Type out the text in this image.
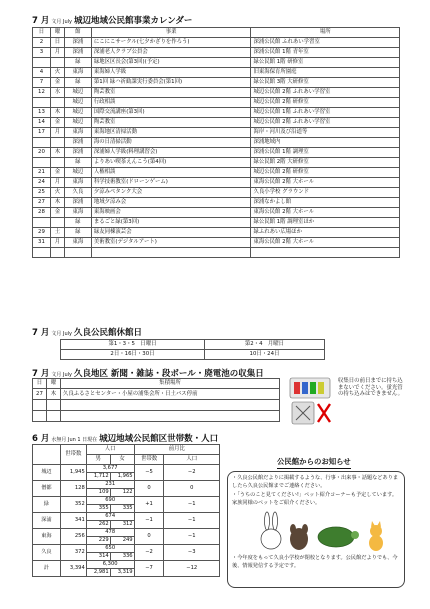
7 月 文月 July 城辺地域公民館事業カレンダー
日	曜	館	事業	場所
2	日	深浦	にこにこサークル(七夕かざりを作ろう)	深浦公民館 ふれあい学習室
3	月	深浦	深浦老人クラブ公員会	深浦公民館 1階 青年室
		緑	緑地区区長会(第3回)(予定)	緑公民館 1階 研修室
4	火	東海	東海婦人学級	旧東海保育所園庭
7	金	緑	第1回 緑ハ祈勧課実行委員会(第1回)	緑公民館 3階 大研修室
12	水	城辺	陶芸教室	城辺公民館 2階 ふれあい学習室
		城辺	行政相談	城辺公民館 2階 研修室
13	木	城辺	国際交流講座(第3回)	城辺公民館 1階 ふれあい学習室
14	金	城辺	陶芸教室	城辺公民館 2階 ふれあい学習室
17	月	東海	東海地区清掃活動	海岸・河川及び沿道等
		深浦	海の日清掃活動	深浦地域内
20	木	深浦	深浦婦人学級(料理講習会)	深浦公民館 1階 調理室
		緑	よりあい喫茶えんこう(第4回)	緑公民館 2階 大研修室
21	金	城辺	人権相談	城辺公民館 2階 研修室
24	月	東海	科学技術教室(ドローンゲーム)	東海公民館 2階 大ホール
25	火	久良	夕涼みペタンク大会	久良小学校 グラウンド
27	木	深浦	地域夕涼み会	深浦なかよし館
28	金	東海	東海映画会	東海公民館 2階 大ホール
		緑	まるごと緑(第3回)	緑公民館 1階 調理室ほか
29	土	緑	緑友同棟演芸会	緑ふれあい広場ほか
31	月	東海	美術教室(デジタルアート)	東海公民館 2階 大ホール

7 月 文月 July 久良公民館休館日
第1・3・5　日曜日	第2・4　月曜日
2日・16日・30日	10日・24日
7 月 文月 July 久良地区 新聞・雑誌・段ボール・廃電池の収集日
日	曜	集積場所
27	木	久良ふるさとセンター・小屋の浦集会所・日土バス停前

収集日の前日までに持ち込まないでください。蛍光管の持ち込みはできません。
6 月 水無月 Jun 1 日現在 城辺地域公民館区世帯数・人口
	世帯数	人口		前月比	
		男	女	世帯数	人口
城辺	1,945	3,677		−5	−2
		1,712	1,965		
僧都	128	231		0	0
		109	122		
緑	352	690		+1	−1
		355	335		
深浦	341	674		−1	−1
		262	312		
東海	256	478		0	−1
		229	249		
久良	372	650		−2	−3
		314	336		
計	3,394	6,300		−7	−12
		2,981	3,319		
公民館からのお知らせ

・久良公民館だよりに掲載するような、行事・出来事・話題などありましたら久良公民館までご連絡ください。

・「うちのこと見てください!」ペット紹介コーナーも予定しています。家族同様のペットをご紹介ください。

・今年度をもって久良小学校が閉校となります。公民館だよりでも、今後、情報発信する予定です。
